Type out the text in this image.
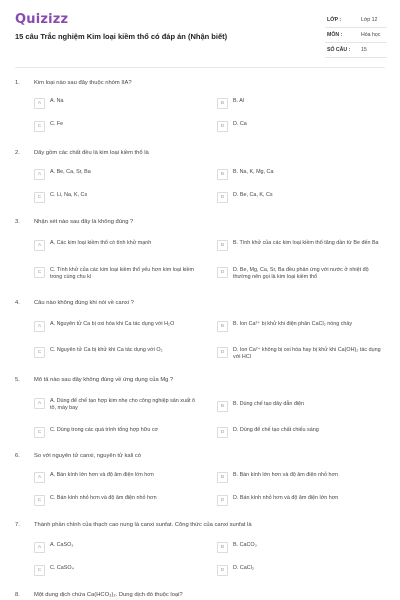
Quizizz
15 câu Trắc nghiệm Kim loại kiềm thổ có đáp án (Nhận biết)
LỚP :	Lớp 12
MÔN :	Hóa học
SỐ CÂU : 15
1. Kim loại nào sau đây thuộc nhóm IIA?
A	A. Na	B	B. Al
C	C. Fe	D	D. Ca
2. Dãy gồm các chất đều là kim loại kiềm thổ là
A	A. Be, Ca, Sr, Ba	B	B. Na, K, Mg, Ca
C	C. Li, Na, K, Cs	D	D. Be, Ca, K, Cs
3. Nhận xét nào sau đây là không đúng ?
A	A. Các kim loại kiềm thổ có tính khử mạnh	B	B. Tính khử của các kim loại kiềm thổ tăng dần từ Be đến Ba
C	C. Tính khử của các kim loại kiềm thổ yếu hơn kim loại kiềm trong cùng chu kì
D	D. Be, Mg, Ca, Sr, Ba đều phản ứng với nước ở nhiệt độ thường nên gọi là kim loại kiềm thổ
4. Câu nào không đúng khi nói về canxi ?
A	A. Nguyên tử Ca bị oxi hóa khi Ca tác dụng với H₂O	B	B. Ion Ca²⁺ bị khử khi điện phân CaCl₂ nóng chảy
C	C. Nguyên tử Ca bị khử khi Ca tác dụng với O₂	D	D. Ion Ca²⁺ không bị oxi hóa hay bị khử khi Ca(OH)₂ tác dụng với HCl
5. Mô tả nào sau đây không đúng về ứng dụng của Mg ?
A	A. Dùng để chế tạo hợp kim nhẹ cho công nghiệp sản xuất ô tô, máy bay	B	B. Dùng chế tạo dây dẫn điện
C	C. Dùng trong các quá trình tổng hợp hữu cơ	D	D. Dùng để chế tạo chất chiếu sáng
6. So với nguyên tử canxi, nguyên tử kali có
A	A. Bán kính lớn hơn và độ âm điện lớn hơn	B	B. Bán kính lớn hơn và độ âm điện nhỏ hơn
C	C. Bán kính nhỏ hơn và độ âm điện nhỏ hơn	D	D. Bán kính nhỏ hơn và độ âm điện lớn hơn
7. Thành phần chính của thạch cao nung là canxi sunfat. Công thức của canxi sunfat là
A	A. CaSO₃	B	B. CaCO₃
C	C. CaSO₄	D	D. CaCl₂
8. Một dung dịch chứa Ca(HCO₃)₂. Dung dịch đó thuộc loại?
